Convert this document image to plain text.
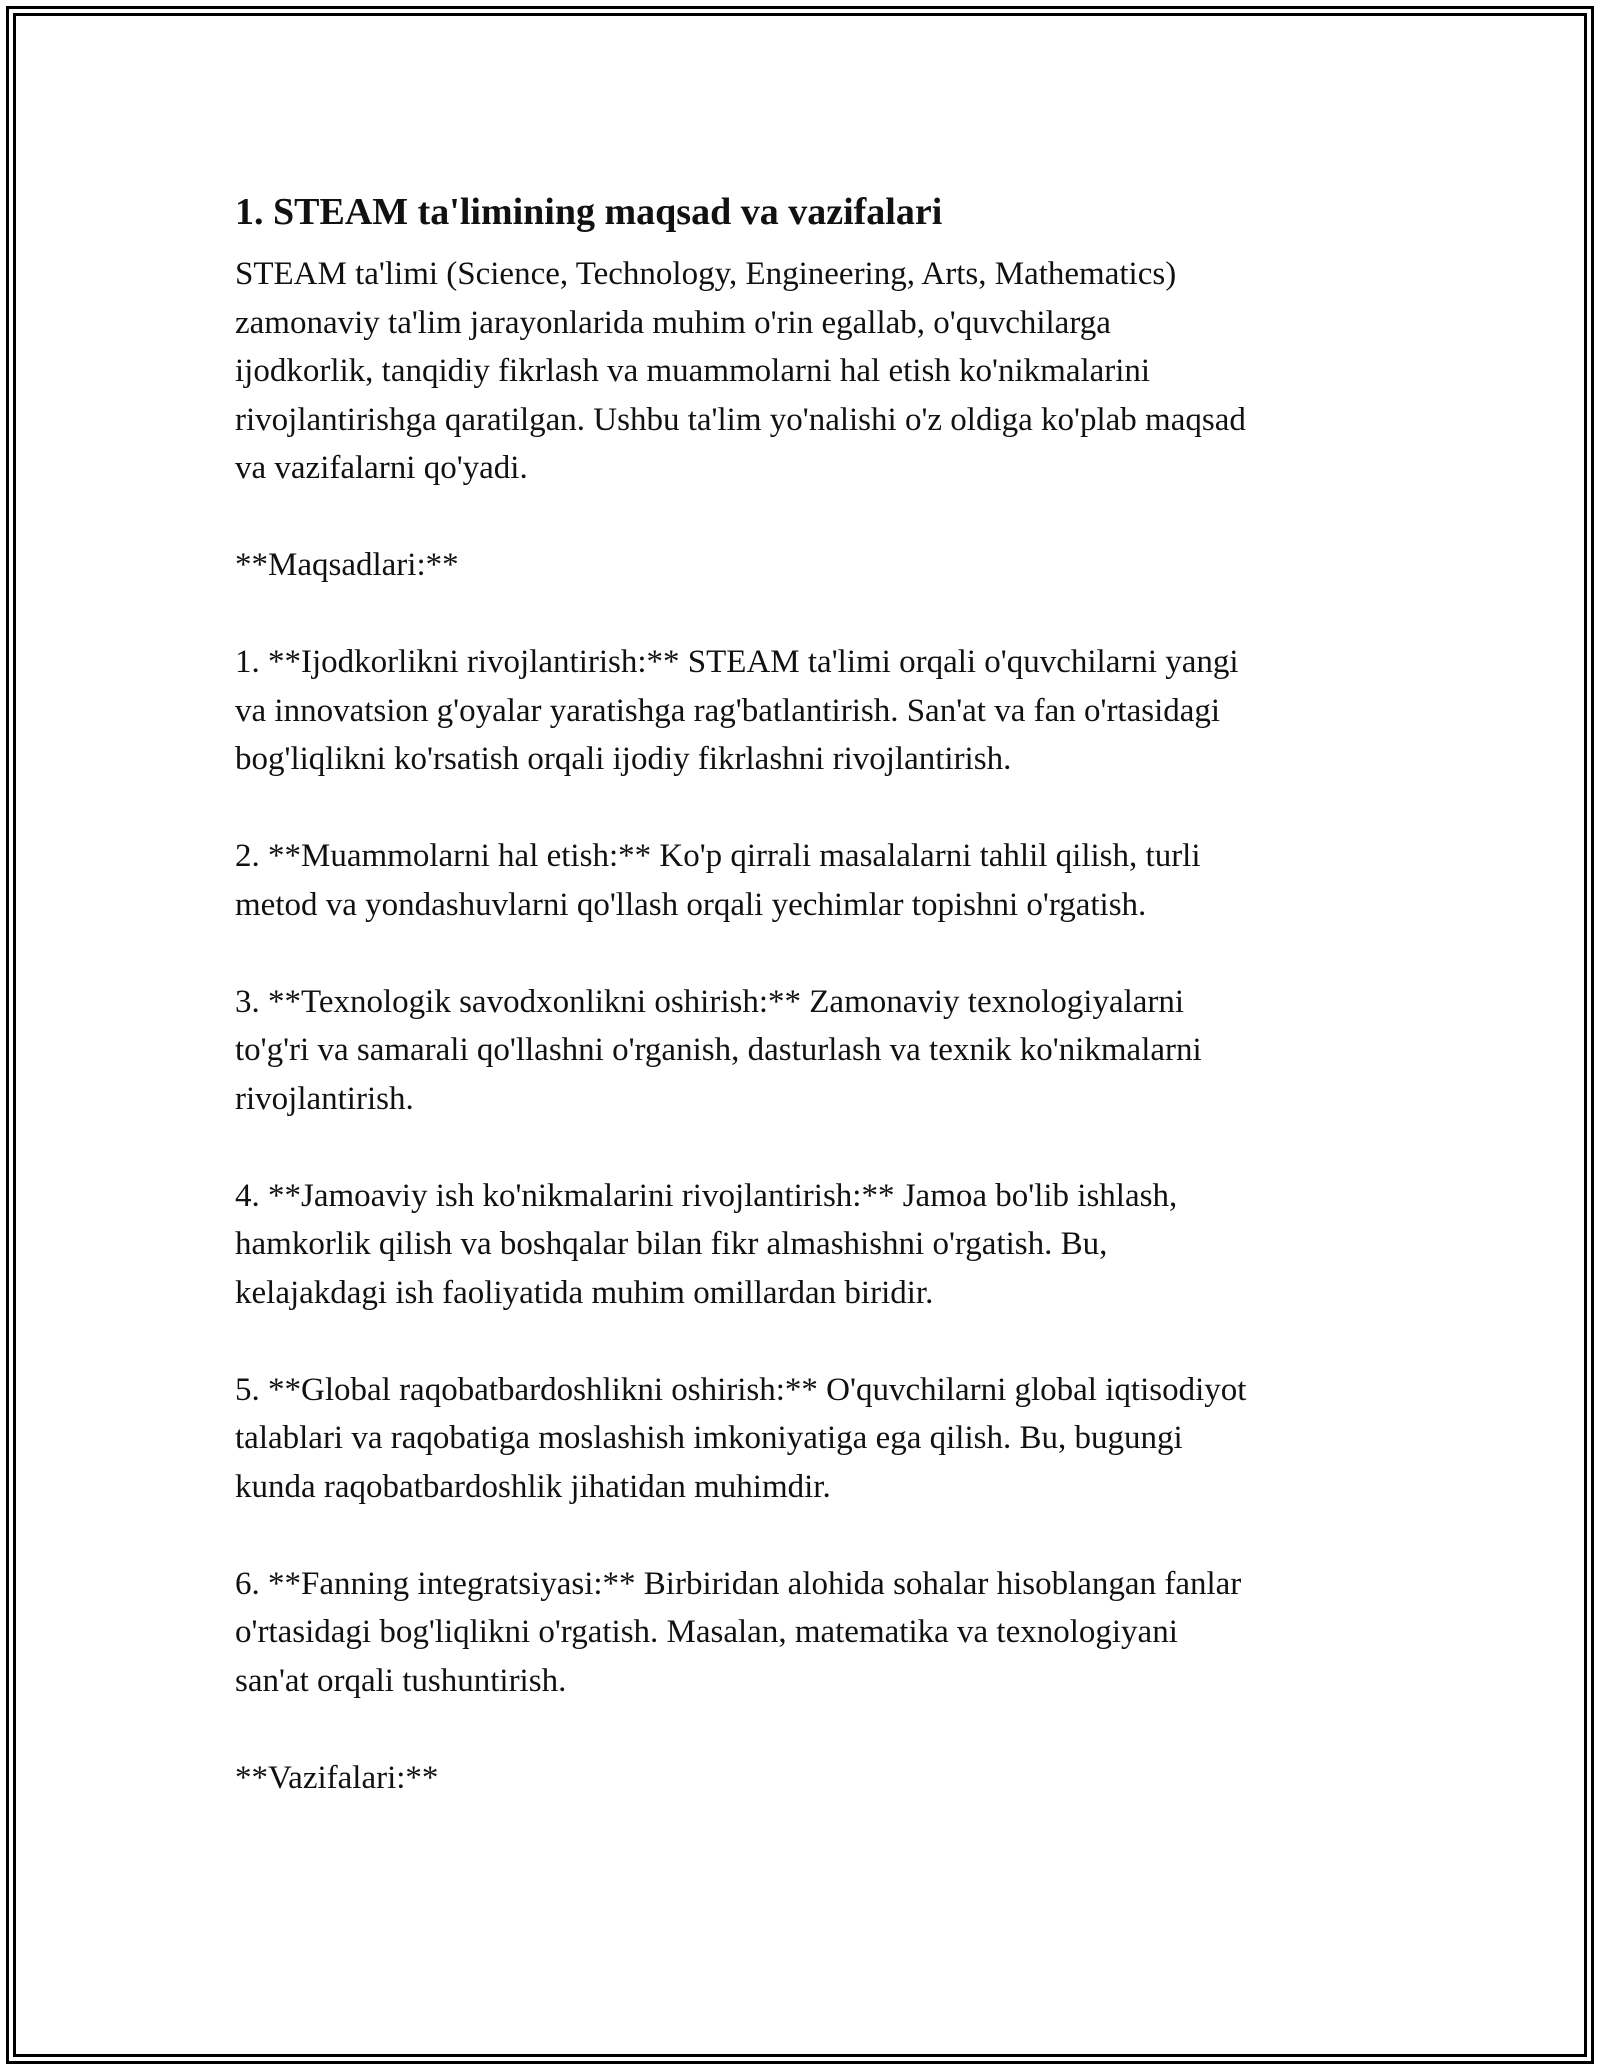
1. STEAM ta'limining maqsad va vazifalari

STEAM ta'limi (Science, Technology, Engineering, Arts, Mathematics)
zamonaviy ta'lim jarayonlarida muhim o'rin egallab, o'quvchilarga
ijodkorlik, tanqidiy fikrlash va muammolarni hal etish ko'nikmalarini
rivojlantirishga qaratilgan. Ushbu ta'lim yo'nalishi o'z oldiga ko'plab maqsad
va vazifalarni qo'yadi.

**Maqsadlari:**

1. **Ijodkorlikni rivojlantirish:** STEAM ta'limi orqali o'quvchilarni yangi
va innovatsion g'oyalar yaratishga rag'batlantirish. San'at va fan o'rtasidagi
bog'liqlikni ko'rsatish orqali ijodiy fikrlashni rivojlantirish.

2. **Muammolarni hal etish:** Ko'p qirrali masalalarni tahlil qilish, turli
metod va yondashuvlarni qo'llash orqali yechimlar topishni o'rgatish.

3. **Texnologik savodxonlikni oshirish:** Zamonaviy texnologiyalarni
to'g'ri va samarali qo'llashni o'rganish, dasturlash va texnik ko'nikmalarni
rivojlantirish.

4. **Jamoaviy ish ko'nikmalarini rivojlantirish:** Jamoa bo'lib ishlash,
hamkorlik qilish va boshqalar bilan fikr almashishni o'rgatish. Bu,
kelajakdagi ish faoliyatida muhim omillardan biridir.

5. **Global raqobatbardoshlikni oshirish:** O'quvchilarni global iqtisodiyot
talablari va raqobatiga moslashish imkoniyatiga ega qilish. Bu, bugungi
kunda raqobatbardoshlik jihatidan muhimdir.

6. **Fanning integratsiyasi:** Birbiridan alohida sohalar hisoblangan fanlar
o'rtasidagi bog'liqlikni o'rgatish. Masalan, matematika va texnologiyani
san'at orqali tushuntirish.

**Vazifalari:**
